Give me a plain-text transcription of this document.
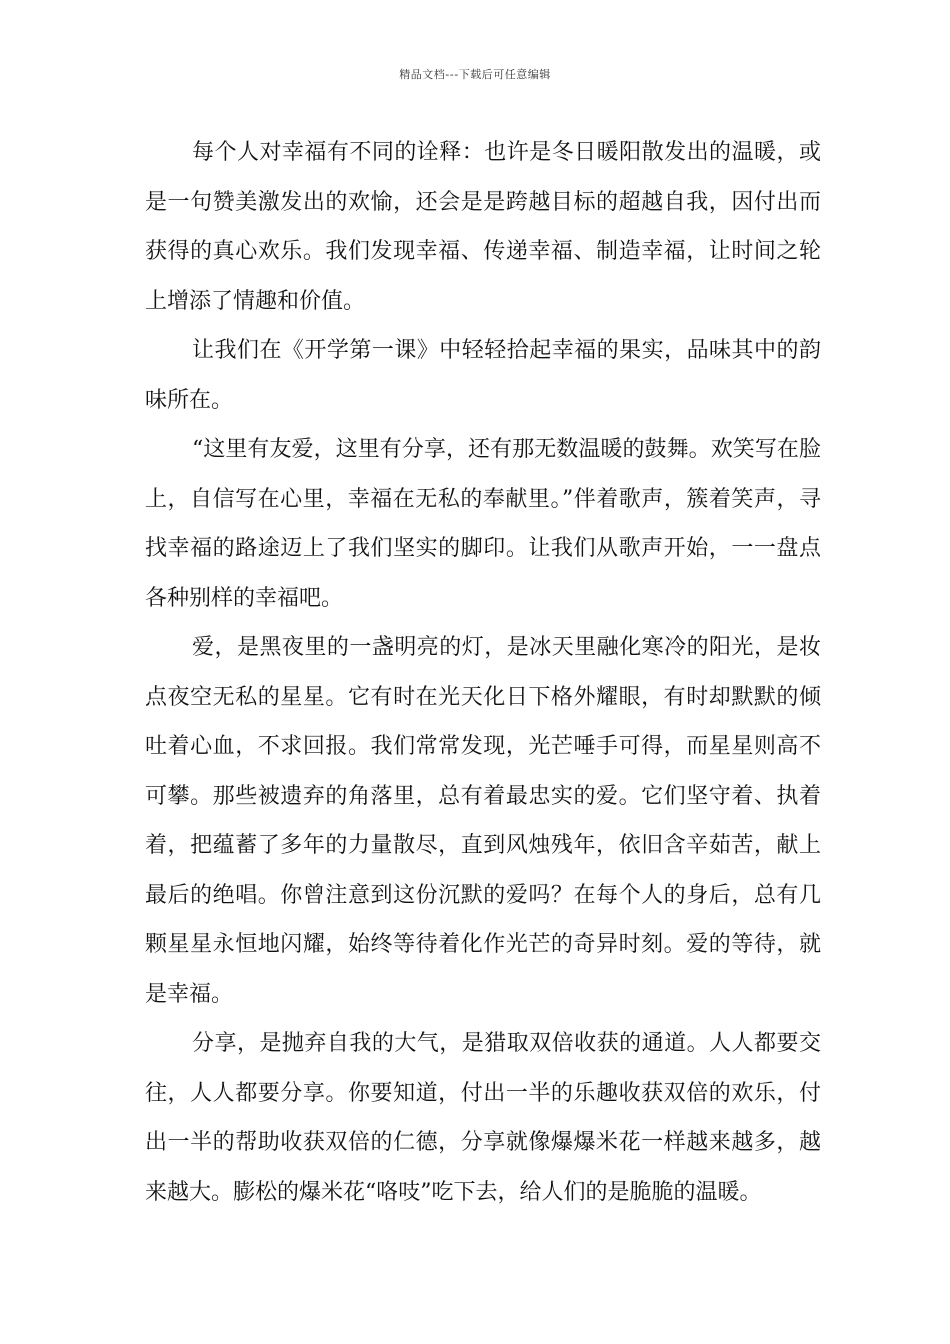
精品文档---下载后可任意编辑

每个人对幸福有不同的诠释：也许是冬日暖阳散发出的温暖，或是一句赞美激发出的欢愉，还会是是跨越目标的超越自我，因付出而获得的真心欢乐。我们发现幸福、传递幸福、制造幸福，让时间之轮上增添了情趣和价值。

让我们在《开学第一课》中轻轻拾起幸福的果实，品味其中的韵味所在。

“这里有友爱，这里有分享，还有那无数温暖的鼓舞。欢笑写在脸上，自信写在心里，幸福在无私的奉献里。”伴着歌声，簇着笑声，寻找幸福的路途迈上了我们坚实的脚印。让我们从歌声开始，一一盘点各种别样的幸福吧。

爱，是黑夜里的一盏明亮的灯，是冰天里融化寒冷的阳光，是妆点夜空无私的星星。它有时在光天化日下格外耀眼，有时却默默的倾吐着心血，不求回报。我们常常发现，光芒唾手可得，而星星则高不可攀。那些被遗弃的角落里，总有着最忠实的爱。它们坚守着、执着着，把蕴蓄了多年的力量散尽，直到风烛残年，依旧含辛茹苦，献上最后的绝唱。你曾注意到这份沉默的爱吗？在每个人的身后，总有几颗星星永恒地闪耀，始终等待着化作光芒的奇异时刻。爱的等待，就是幸福。

分享，是抛弃自我的大气，是猎取双倍收获的通道。人人都要交往，人人都要分享。你要知道，付出一半的乐趣收获双倍的欢乐，付出一半的帮助收获双倍的仁德，分享就像爆爆米花一样越来越多，越来越大。膨松的爆米花“咯吱”吃下去，给人们的是脆脆的温暖。
